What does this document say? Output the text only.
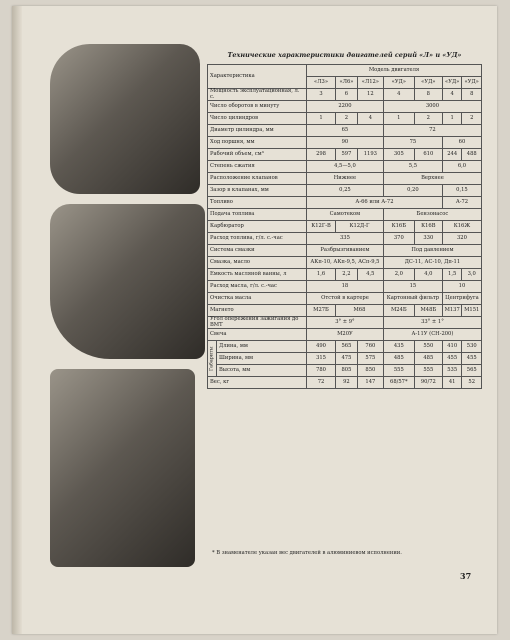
Технические характеристики двигателей серий «Л» и «УД»
Характеристика		Модель двигателя						
		«Л3»	«Л6»	«Л12»	«УД»	«УД»	«УД»	«УД»
Мощность эксплуатационная, л. с.		3	6	12	4	8	4	8
Число оборотов в минуту		2200			3000			
Число цилиндров		1	2	4	1	2	1	2
Диаметр цилиндра, мм		65			72			
Ход поршня, мм		90			75		60	
Рабочий объем, см³		298	597	1193	305	610	244	488
Степень сжатия		4,5—5,0			5,5		6,0	
Расположение клапанов		Нижнее			Верхнее			
Зазор в клапанах, мм		0,25			0,20		0,15	
Топливо		А-66 или А-72					А-72	
Подача топлива		Самотеком			Бензонасос			
Карбюратор		К12Г-В	К12Д-Г		К16Б	К16В	К16Ж	
Расход топлива, г/л. с.-час		335			370	330	320	
Система смазки		Разбрызгиванием			Под давлением			
Смазка, масло		АКп-10, АКп-9,5, АСп-9,5			ДС-11, АС-10, Дп-11			
Емкость масляной ванны, л		1,6	2,2	4,5	2,0	4,0	1,5	3,0
Расход масла, г/л. с.-час		18			15		10	
Очистка масла		Отстой в картере			Картонный фильтр		Центрифуга	
Магнето		М27Б	М68		М24Б	М48Б	М137	М151
Угол опережения зажигания до ВМТ		3° ± 9°			33° ± 1°			
Свеча		М20У			А-11У (СН-200)			
Габариты	Длина, мм	490	565	760	435	550	410	530
	Ширина, мм	315	475	575	485	485	455	455
	Высота, мм	780	805	850	555	555	535	565
Вес, кг		72	92	147	68/57*	90/72	41	52
* В знаменателе указан вес двигателей в алюминиевом исполнении.
37
